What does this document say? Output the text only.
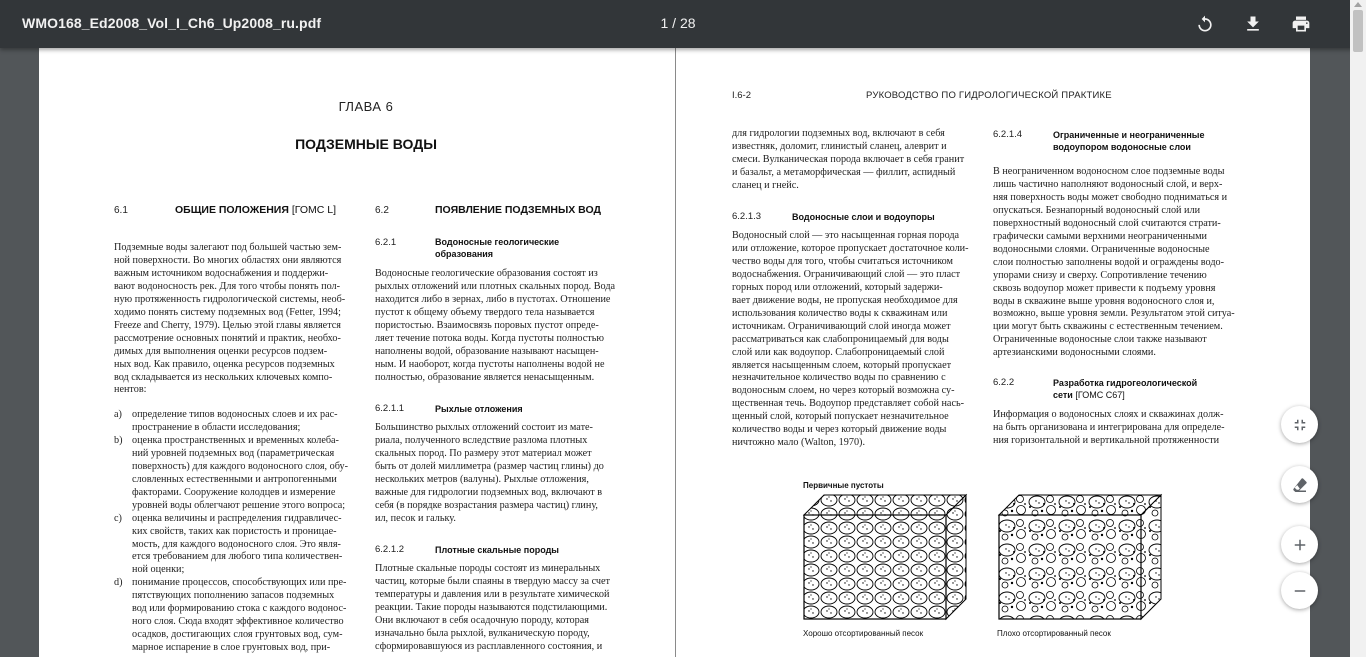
WMO168_Ed2008_Vol_I_Ch6_Up2008_ru.pdf	1 / 28
ГЛАВА 6
ПОДЗЕМНЫЕ ВОДЫ
6.1	ОБЩИЕ ПОЛОЖЕНИЯ [ГОМС L]
Подземные воды залегают под большей частью зем-
ной поверхности. Во многих областях они являются
важным источником водоснабжения и поддержи-
вают водоносность рек. Для того чтобы понять пол-
ную протяженность гидрологической системы, необ-
ходимо понять систему подземных вод (Fetter, 1994;
Freeze and Cherry, 1979). Целью этой главы является
рассмотрение основных понятий и практик, необхо-
димых для выполнения оценки ресурсов подзем-
ных вод. Как правило, оценка ресурсов подземных
вод складывается из нескольких ключевых компо-
нентов:
a) определение типов водоносных слоев и их рас-
пространение в области исследования;
b) оценка пространственных и временных колеба-
ний уровней подземных вод (параметрическая
поверхность) для каждого водоносного слоя, обу-
словленных естественными и антропогенными
факторами. Сооружение колодцев и измерение
уровней воды облегчают решение этого вопроса;
c) оценка величины и распределения гидравличес-
ких свойств, таких как пористость и проницае-
мость, для каждого водоносного слоя. Это явля-
ется требованием для любого типа количествен-
ной оценки;
d) понимание процессов, способствующих или пре-
пятствующих пополнению запасов подземных
вод или формированию стока с каждого водонос-
ного слоя. Сюда входят эффективное количество
осадков, достигающих слоя грунтовых вод, сум-
марное испарение в слое грунтовых вод, при-
6.2	ПОЯВЛЕНИЕ ПОДЗЕМНЫХ ВОД
6.2.1	Водоносные геологические
образования
Водоносные геологические образования состоят из
рыхлых отложений или плотных скальных пород. Вода
находится либо в зернах, либо в пустотах. Отношение
пустот к общему объему твердого тела называется
пористостью. Взаимосвязь поровых пустот опреде-
ляет течение потока воды. Когда пустоты полностью
наполнены водой, образование называют насыщен-
ным. И наоборот, когда пустоты наполнены водой не
полностью, образование является ненасыщенным.
6.2.1.1	Рыхлые отложения
Большинство рыхлых отложений состоит из мате-
риала, полученного вследствие разлома плотных
скальных пород. По размеру этот материал может
быть от долей миллиметра (размер частиц глины) до
нескольких метров (валуны). Рыхлые отложения,
важные для гидрологии подземных вод, включают в
себя (в порядке возрастания размера частиц) глину,
ил, песок и гальку.
6.2.1.2	Плотные скальные породы
Плотные скальные породы состоят из минеральных
частиц, которые были спаяны в твердую массу за счет
температуры и давления или в результате химической
реакции. Такие породы называются подстилающими.
Они включают в себя осадочную породу, которая
изначально была рыхлой, вулканическую породу,
сформировавшуюся из расплавленного состояния, и
I.6-2	РУКОВОДСТВО ПО ГИДРОЛОГИЧЕСКОЙ ПРАКТИКЕ
для гидрологии подземных вод, включают в себя
известняк, доломит, глинистый сланец, алеврит и
смеси. Вулканическая порода включает в себя гранит
и базальт, а метаморфическая — филлит, аспидный
сланец и гнейс.
6.2.1.3	Водоносные слои и водоупоры
Водоносный слой — это насыщенная горная порода
или отложение, которое пропускает достаточное коли-
чество воды для того, чтобы считаться источником
водоснабжения. Ограничивающий слой — это пласт
горных пород или отложений, который задержи-
вает движение воды, не пропуская необходимое для
использования количество воды к скважинам или
источникам. Ограничивающий слой иногда может
рассматриваться как слабопроницаемый для воды
слой или как водоупор. Слабопроницаемый слой
является насыщенным слоем, который пропускает
незначительное количество воды по сравнению с
водоносным слоем, но через который возможна су-
щественная течь. Водоупор представляет собой нась-
щенный слой, который попускает незначительное
количество воды и через который движение воды
ничтожно мало (Walton, 1970).
6.2.1.4	Ограниченные и неограниченные
водоупором водоносные слои
В неограниченном водоносном слое подземные воды
лишь частично наполняют водоносный слой, и верх-
няя поверхность воды может свободно подниматься и
опускаться. Безнапорный водоносный слой или
поверхностный водоносный слой считаются страти-
графически самыми верхними неограниченными
водоносными слоями. Ограниченные водоносные
слои полностью заполнены водой и ограждены водо-
упорами снизу и сверху. Сопротивление течению
сквозь водоупор может привести к подъему уровня
воды в скважине выше уровня водоносного слоя и,
возможно, выше уровня земли. Результатом этой ситуа-
ции могут быть скважины с естественным течением.
Ограниченные водоносные слои также называют
артезианскими водоносными слоями.
6.2.2	Разработка гидрогеологической
сети [ГОМС C67]
Информация о водоносных слоях и скважинах долж-
на быть организована и интегрирована для определе-
ния горизонтальной и вертикальной протяженности
Первичные пустоты
Хорошо отсортированный песок	Плохо отсортированный песок
